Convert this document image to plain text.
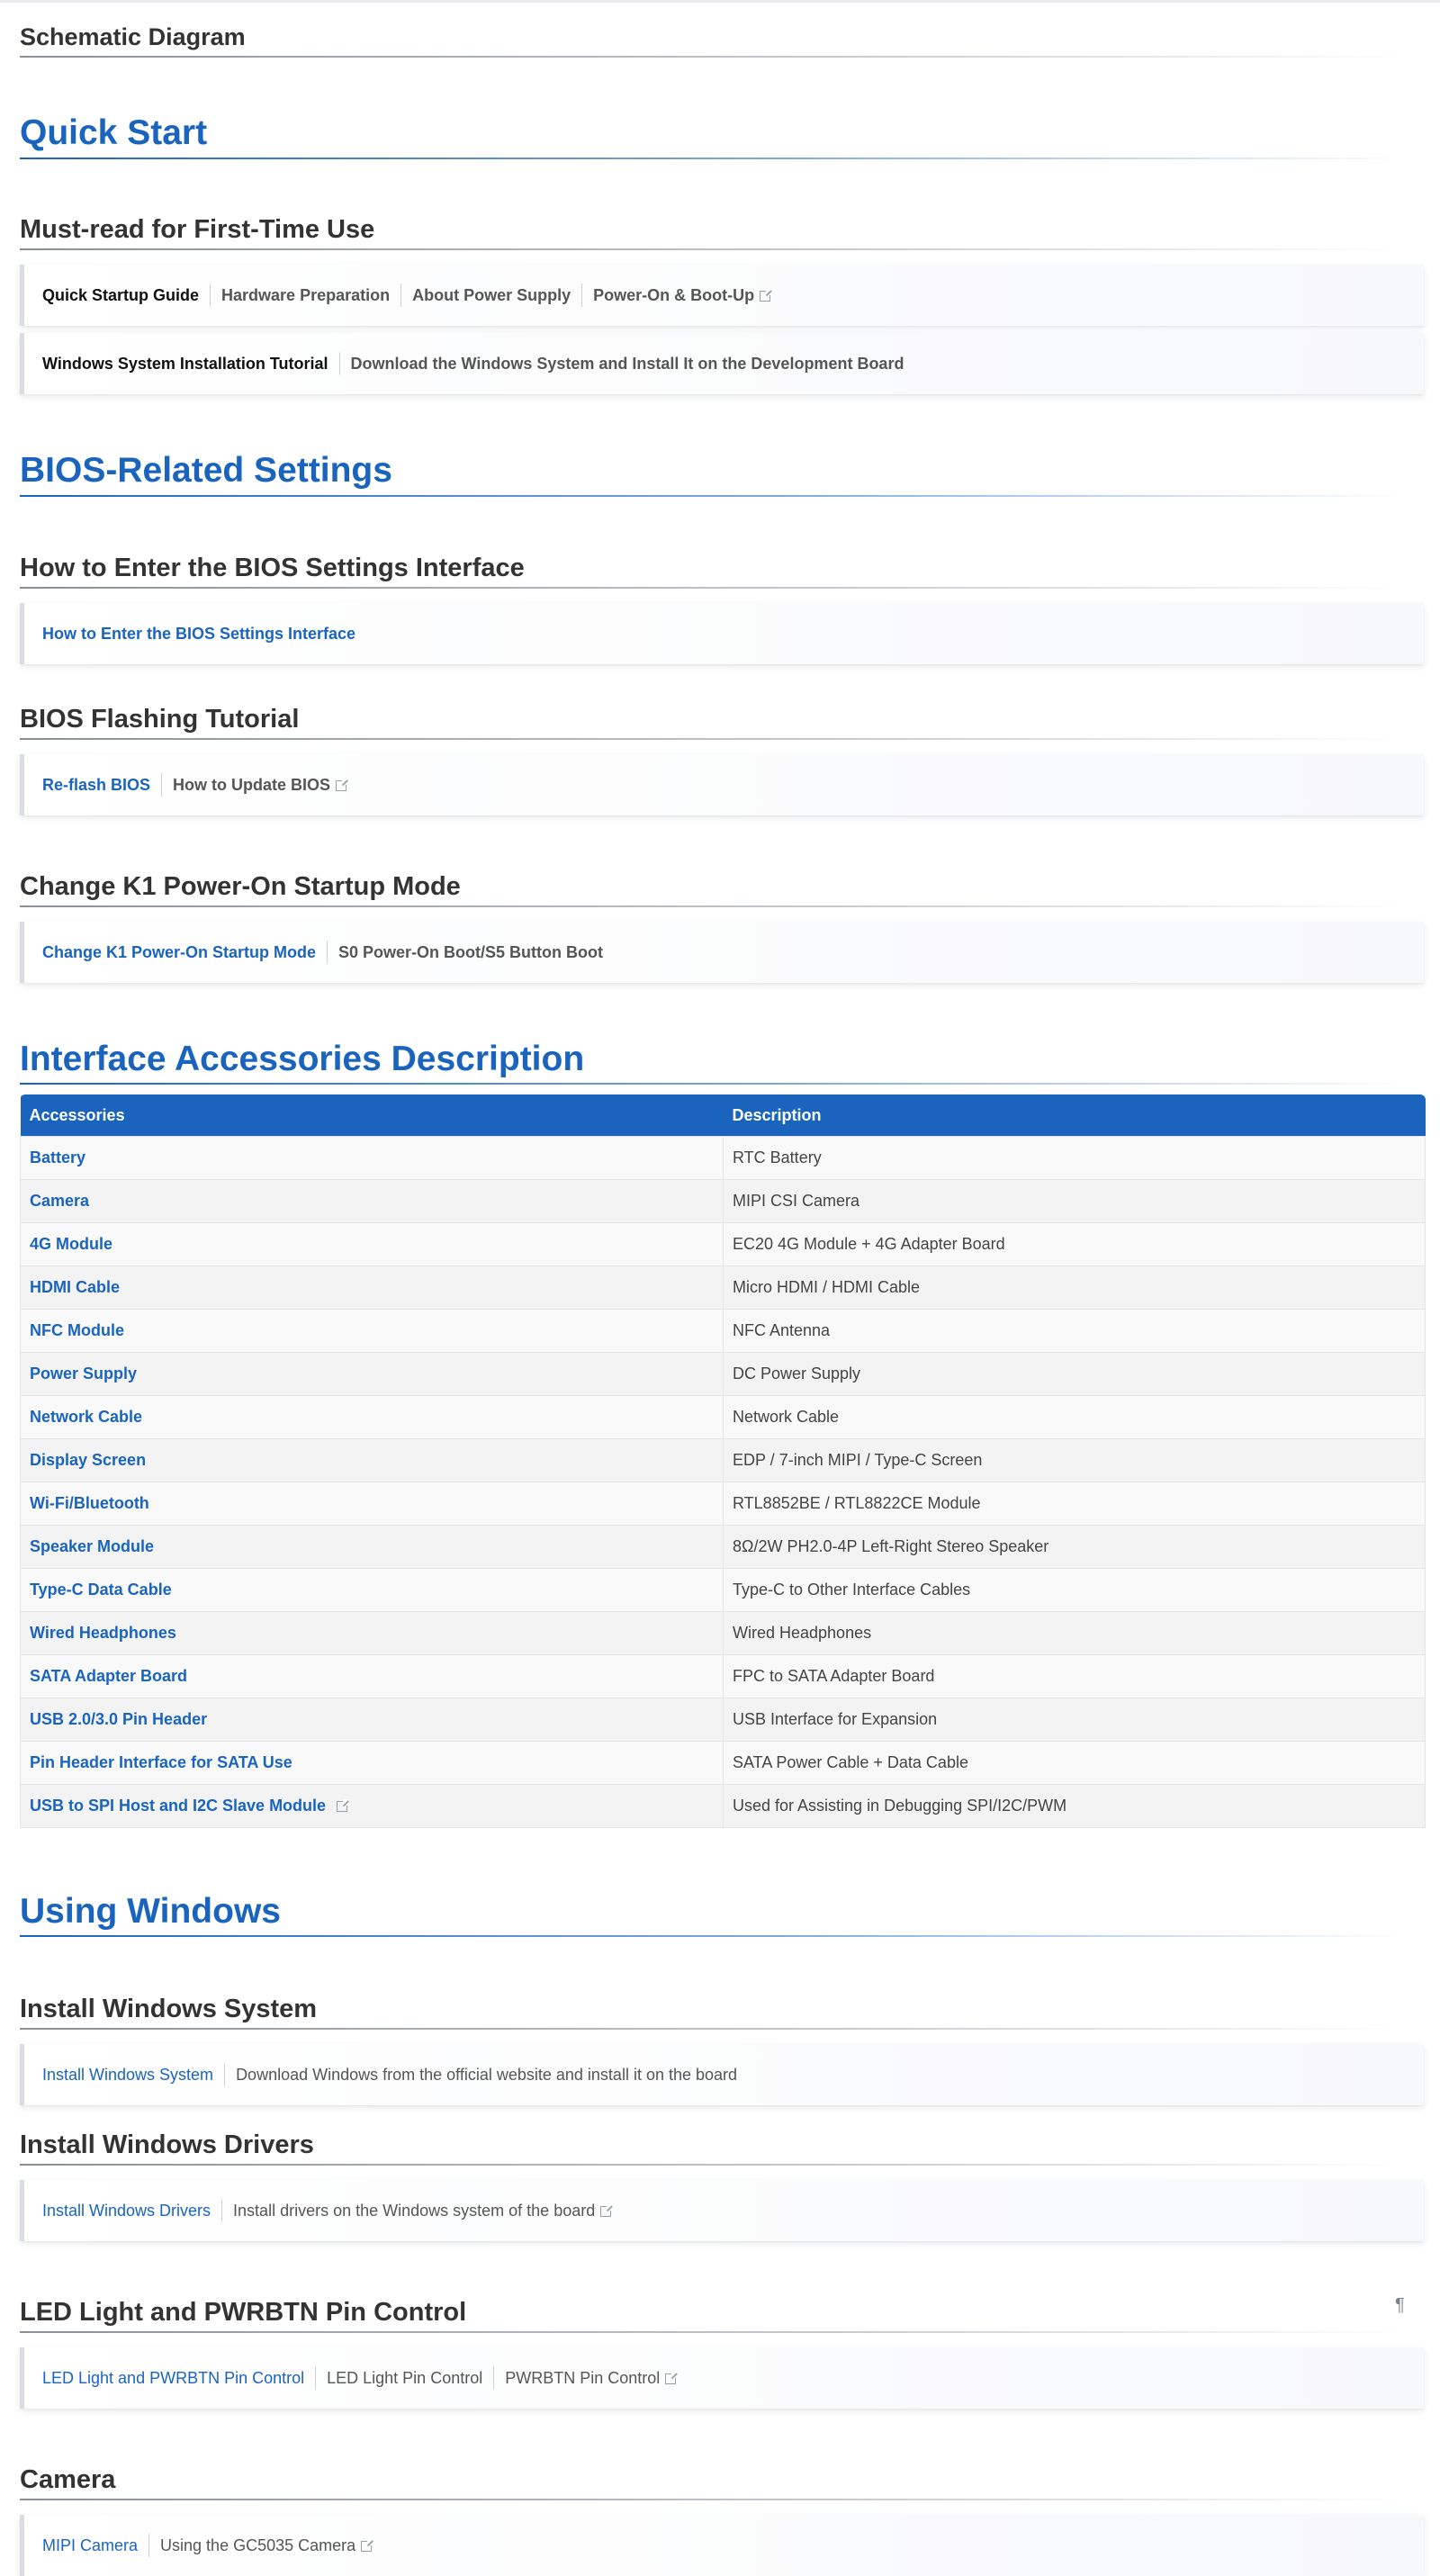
Schematic Diagram
Quick Start
Must-read for First-Time Use
Quick Startup Guide Hardware Preparation About Power Supply Power-On & Boot-Up
Windows System Installation Tutorial Download the Windows System and Install It on the Development Board
BIOS-Related Settings
How to Enter the BIOS Settings Interface
How to Enter the BIOS Settings Interface
BIOS Flashing Tutorial
Re-flash BIOS How to Update BIOS
Change K1 Power-On Startup Mode
Change K1 Power-On Startup Mode S0 Power-On Boot/S5 Button Boot
Interface Accessories Description
Accessories	Description
Battery	RTC Battery
Camera	MIPI CSI Camera
4G Module	EC20 4G Module + 4G Adapter Board
HDMI Cable	Micro HDMI / HDMI Cable
NFC Module	NFC Antenna
Power Supply	DC Power Supply
Network Cable	Network Cable
Display Screen	EDP / 7-inch MIPI / Type-C Screen
Wi-Fi/Bluetooth	RTL8852BE / RTL8822CE Module
Speaker Module	8Ω/2W PH2.0-4P Left-Right Stereo Speaker
Type-C Data Cable	Type-C to Other Interface Cables
Wired Headphones	Wired Headphones
SATA Adapter Board	FPC to SATA Adapter Board
USB 2.0/3.0 Pin Header	USB Interface for Expansion
Pin Header Interface for SATA Use	SATA Power Cable + Data Cable
USB to SPI Host and I2C Slave Module	Used for Assisting in Debugging SPI/I2C/PWM
Using Windows
Install Windows System
Install Windows System Download Windows from the official website and install it on the board
Install Windows Drivers
Install Windows Drivers Install drivers on the Windows system of the board
LED Light and PWRBTN Pin Control	¶
LED Light and PWRBTN Pin Control LED Light Pin Control PWRBTN Pin Control
Camera
MIPI Camera Using the GC5035 Camera
